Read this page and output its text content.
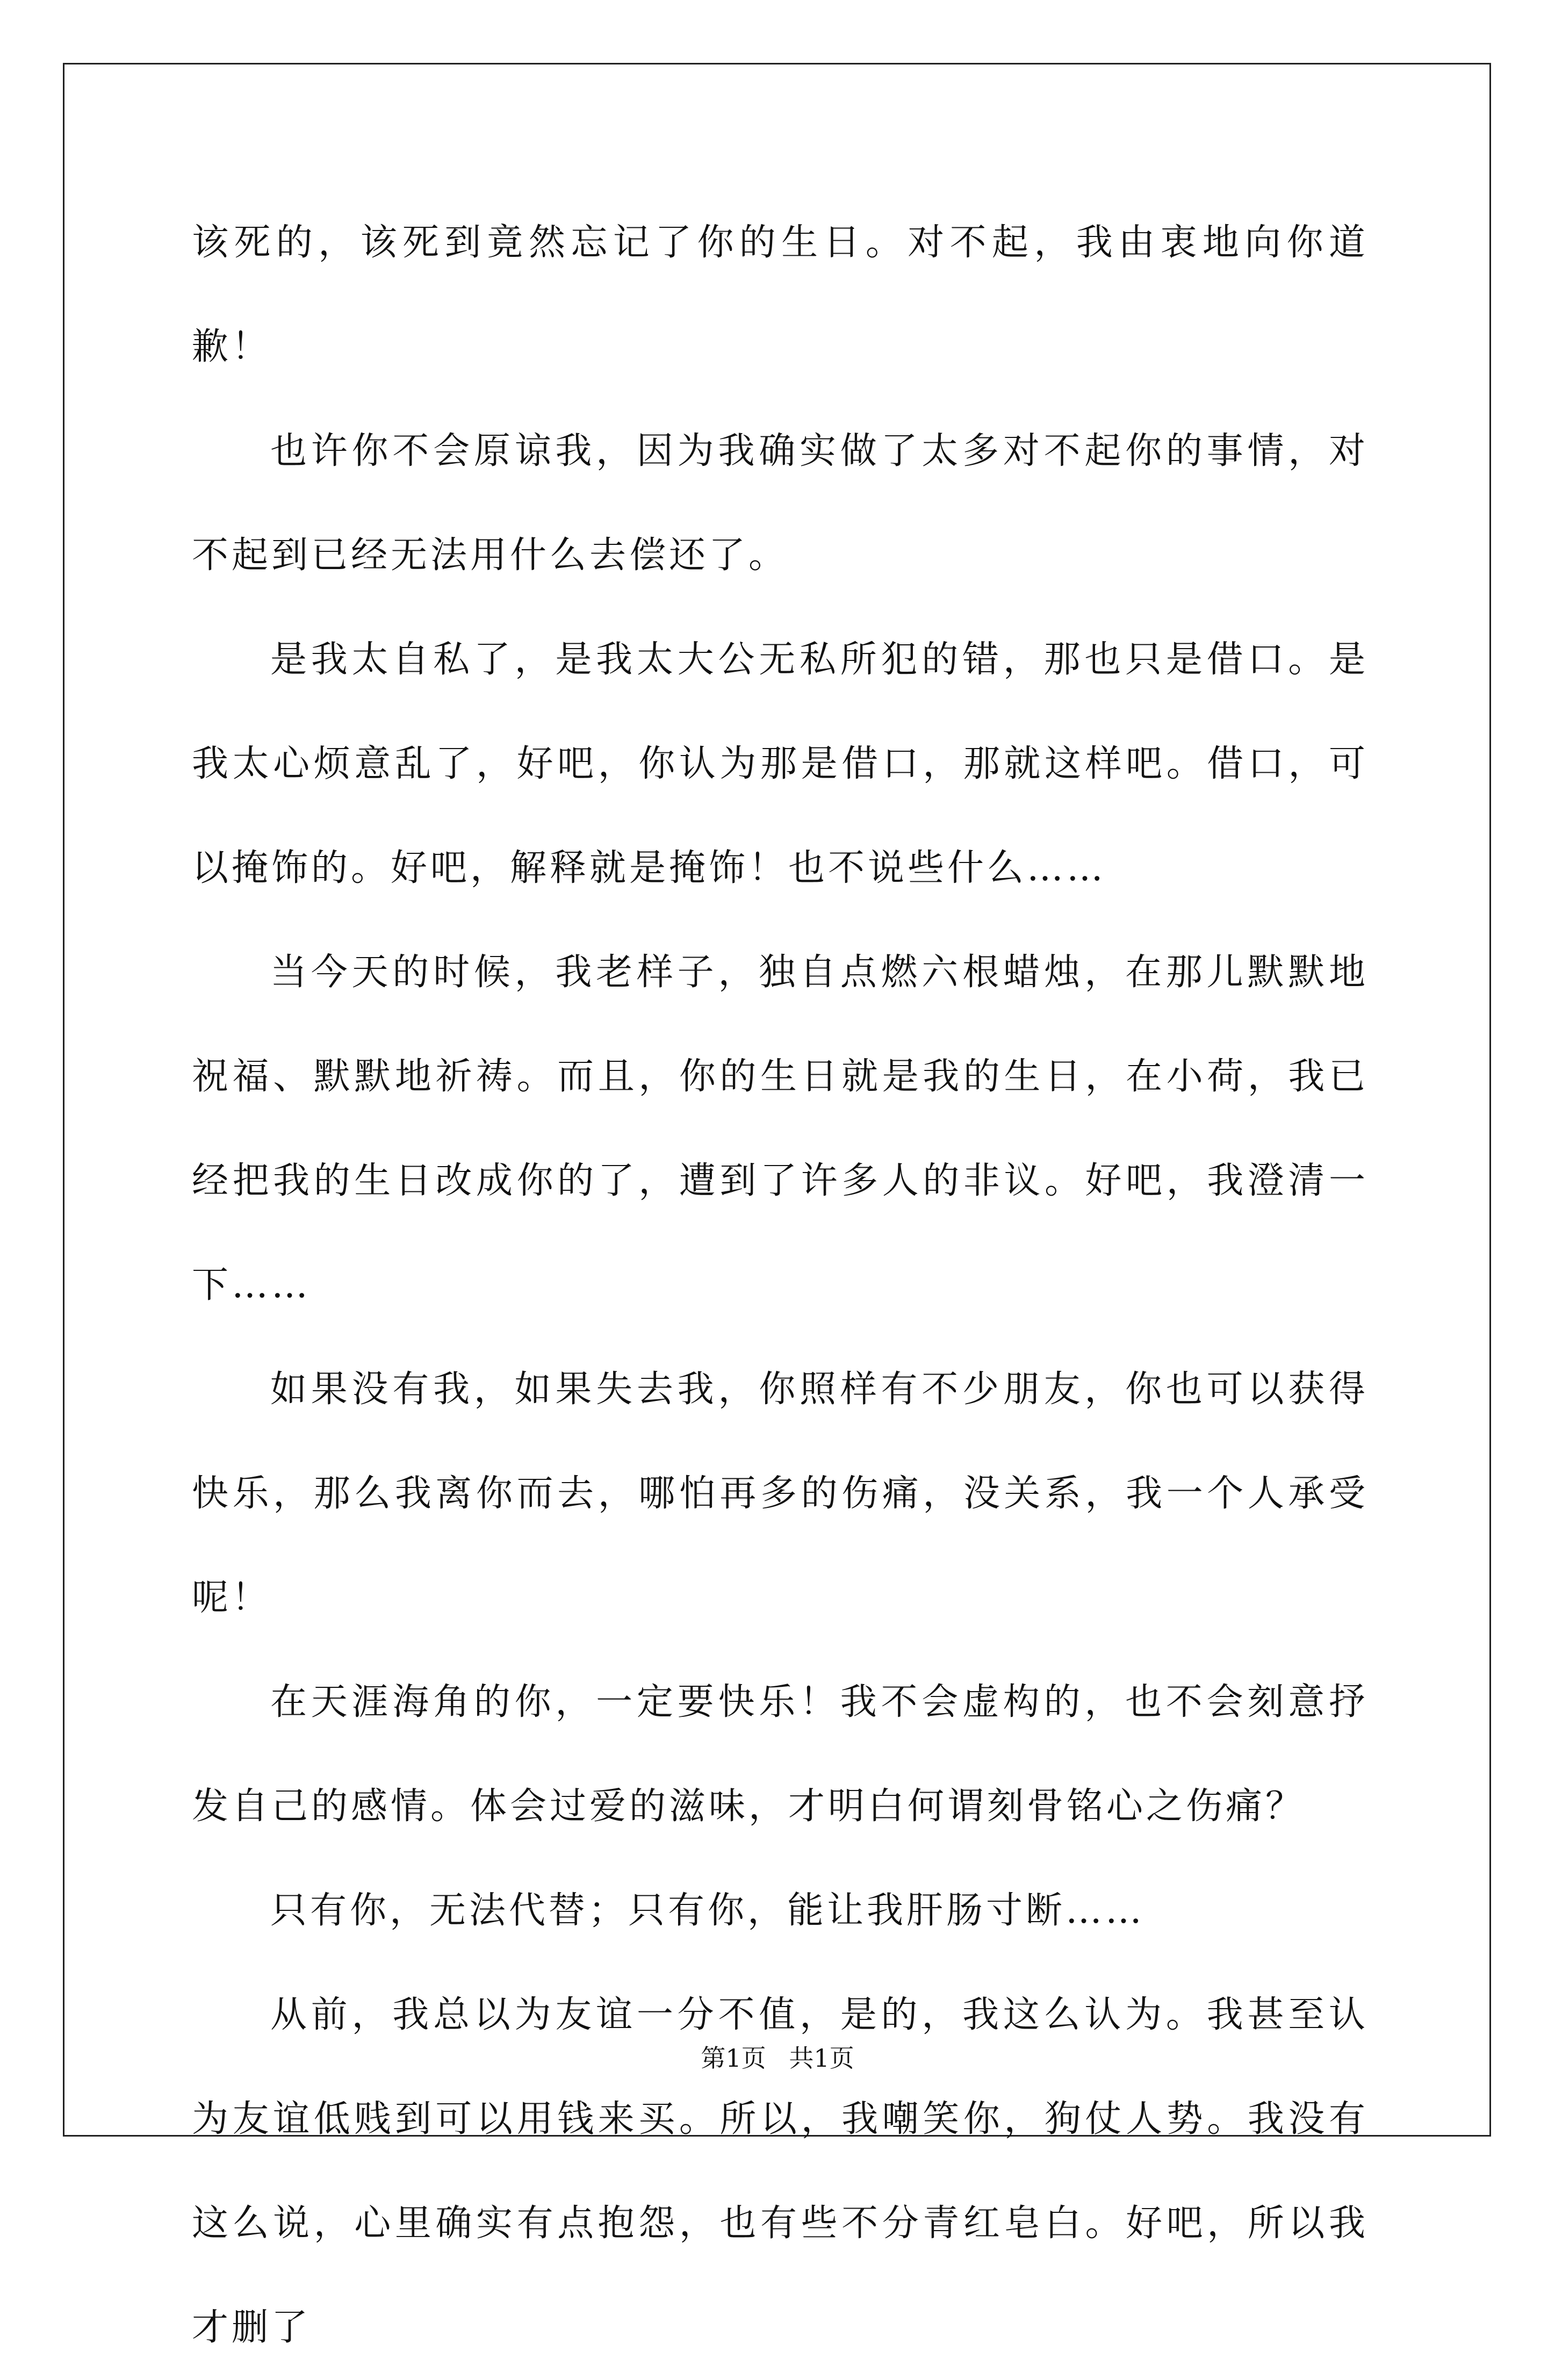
该死的，该死到竟然忘记了你的生日。对不起，我由衷地向你道歉！

也许你不会原谅我，因为我确实做了太多对不起你的事情，对不起到已经无法用什么去偿还了。

是我太自私了，是我太大公无私所犯的错，那也只是借口。是我太心烦意乱了，好吧，你认为那是借口，那就这样吧。借口，可以掩饰的。好吧，解释就是掩饰！也不说些什么……

当今天的时候，我老样子，独自点燃六根蜡烛，在那儿默默地祝福、默默地祈祷。而且，你的生日就是我的生日，在小荷，我已经把我的生日改成你的了，遭到了许多人的非议。好吧，我澄清一下……

如果没有我，如果失去我，你照样有不少朋友，你也可以获得快乐，那么我离你而去，哪怕再多的伤痛，没关系，我一个人承受呢！

在天涯海角的你，一定要快乐！我不会虚构的，也不会刻意抒发自己的感情。体会过爱的滋味，才明白何谓刻骨铭心之伤痛？

只有你，无法代替；只有你，能让我肝肠寸断……

从前，我总以为友谊一分不值，是的，我这么认为。我甚至认为友谊低贱到可以用钱来买。所以，我嘲笑你，狗仗人势。我没有这么说，心里确实有点抱怨，也有些不分青红皂白。好吧，所以我才删了

第1页 共1页
